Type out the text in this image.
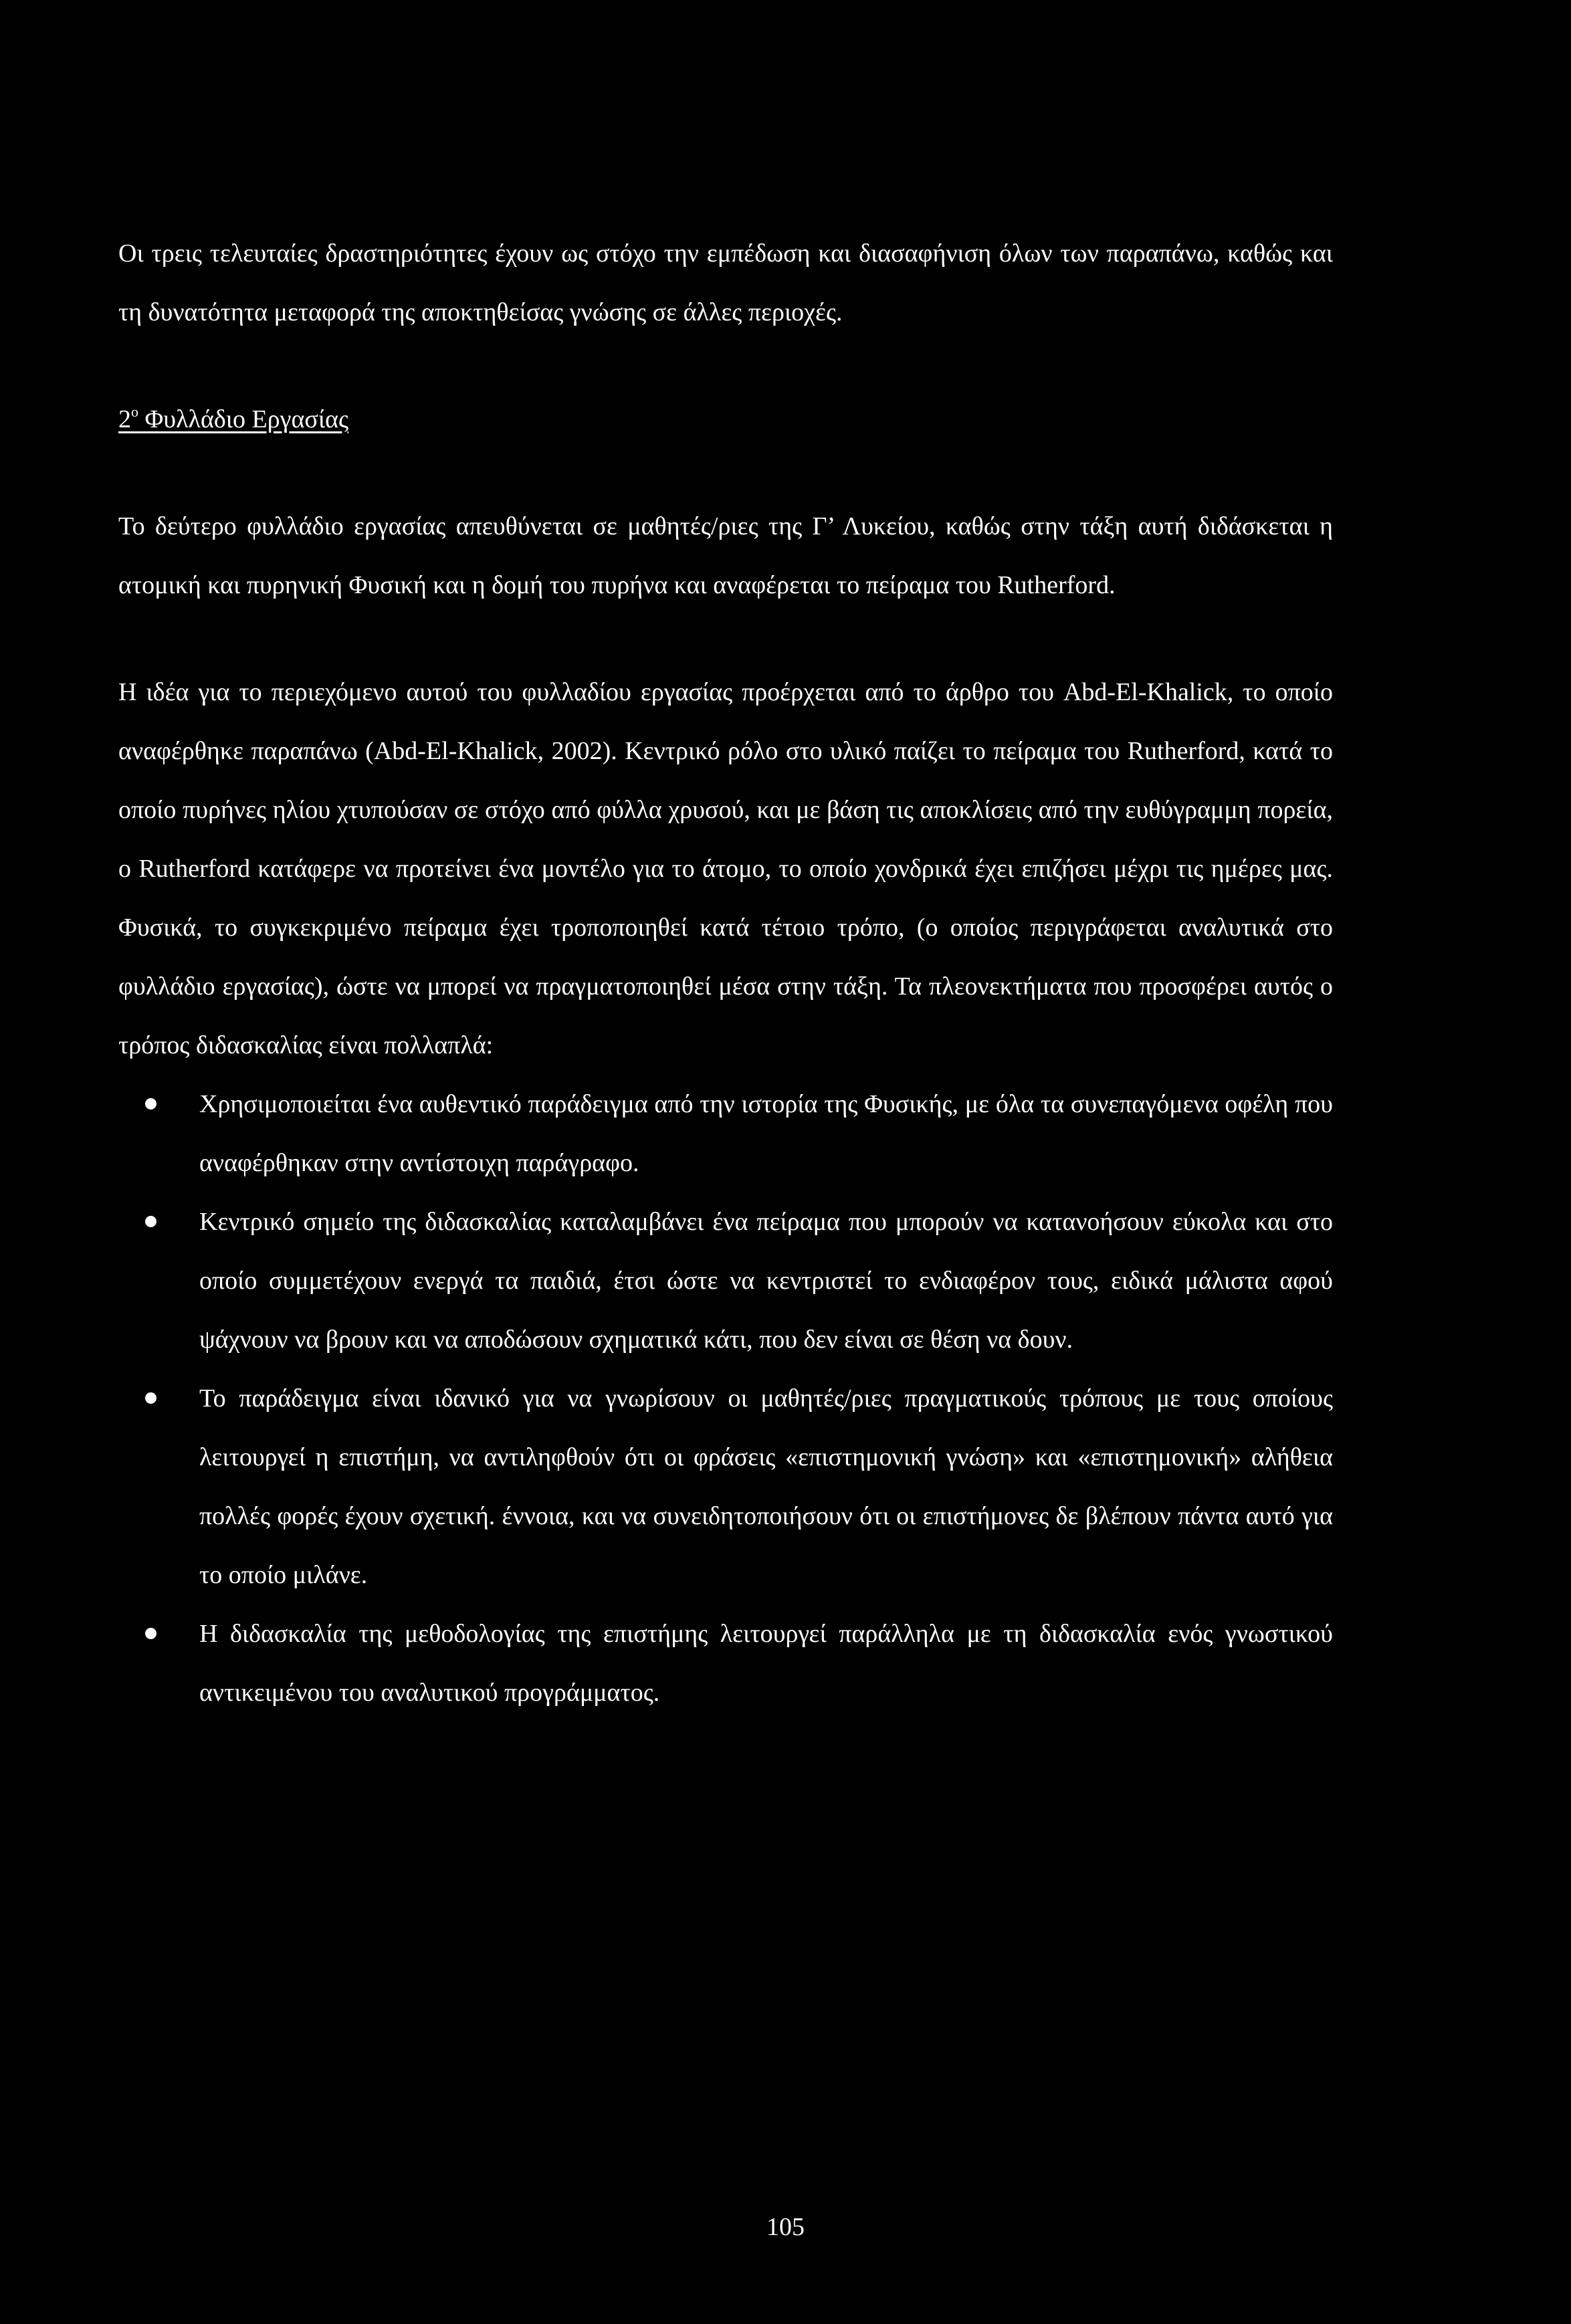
Οι τρεις τελευταίες δραστηριότητες έχουν ως στόχο την εμπέδωση και διασαφήνιση όλων των παραπάνω, καθώς και τη δυνατότητα μεταφορά της αποκτηθείσας γνώσης σε άλλες περιοχές.

$2^o$ Φυλλάδιο Εργασίας

Το δεύτερο φυλλάδιο εργασίας απευθύνεται σε μαθητές/ριες της Γ’ Λυκείου, καθώς στην τάξη αυτή διδάσκεται η ατομική και πυρηνική Φυσική και η δομή του πυρήνα και αναφέρεται το πείραμα του Rutherford.

Η ιδέα για το περιεχόμενο αυτού του φυλλαδίου εργασίας προέρχεται από το άρθρο του Abd-El-Khalick, το οποίο αναφέρθηκε παραπάνω (Abd-El-Khalick, 2002). Κεντρικό ρόλο στο υλικό παίζει το πείραμα του Rutherford, κατά το οποίο πυρήνες ηλίου χτυπούσαν σε στόχο από φύλλα χρυσού, και με βάση τις αποκλίσεις από την ευθύγραμμη πορεία, ο Rutherford κατάφερε να προτείνει ένα μοντέλο για το άτομο, το οποίο χονδρικά έχει επιζήσει μέχρι τις ημέρες μας. Φυσικά, το συγκεκριμένο πείραμα έχει τροποποιηθεί κατά τέτοιο τρόπο, (ο οποίος περιγράφεται αναλυτικά στο φυλλάδιο εργασίας), ώστε να μπορεί να πραγματοποιηθεί μέσα στην τάξη. Τα πλεονεκτήματα που προσφέρει αυτός ο τρόπος διδασκαλίας είναι πολλαπλά:

Χρησιμοποιείται ένα αυθεντικό παράδειγμα από την ιστορία της Φυσικής, με όλα τα συνεπαγόμενα οφέλη που αναφέρθηκαν στην αντίστοιχη παράγραφο.
Κεντρικό σημείο της διδασκαλίας καταλαμβάνει ένα πείραμα που μπορούν να κατανοήσουν εύκολα και στο οποίο συμμετέχουν ενεργά τα παιδιά, έτσι ώστε να κεντριστεί το ενδιαφέρον τους, ειδικά μάλιστα αφού ψάχνουν να βρουν και να αποδώσουν σχηματικά κάτι, που δεν είναι σε θέση να δουν.
Το παράδειγμα είναι ιδανικό για να γνωρίσουν οι μαθητές/ριες πραγματικούς τρόπους με τους οποίους λειτουργεί η επιστήμη, να αντιληφθούν ότι οι φράσεις «επιστημονική γνώση» και «επιστημονική» αλήθεια πολλές φορές έχουν σχετική. έννοια, και να συνειδητοποιήσουν ότι οι επιστήμονες δε βλέπουν πάντα αυτό για το οποίο μιλάνε.
Η διδασκαλία της μεθοδολογίας της επιστήμης λειτουργεί παράλληλα με τη διδασκαλία ενός γνωστικού αντικειμένου του αναλυτικού προγράμματος.
105
